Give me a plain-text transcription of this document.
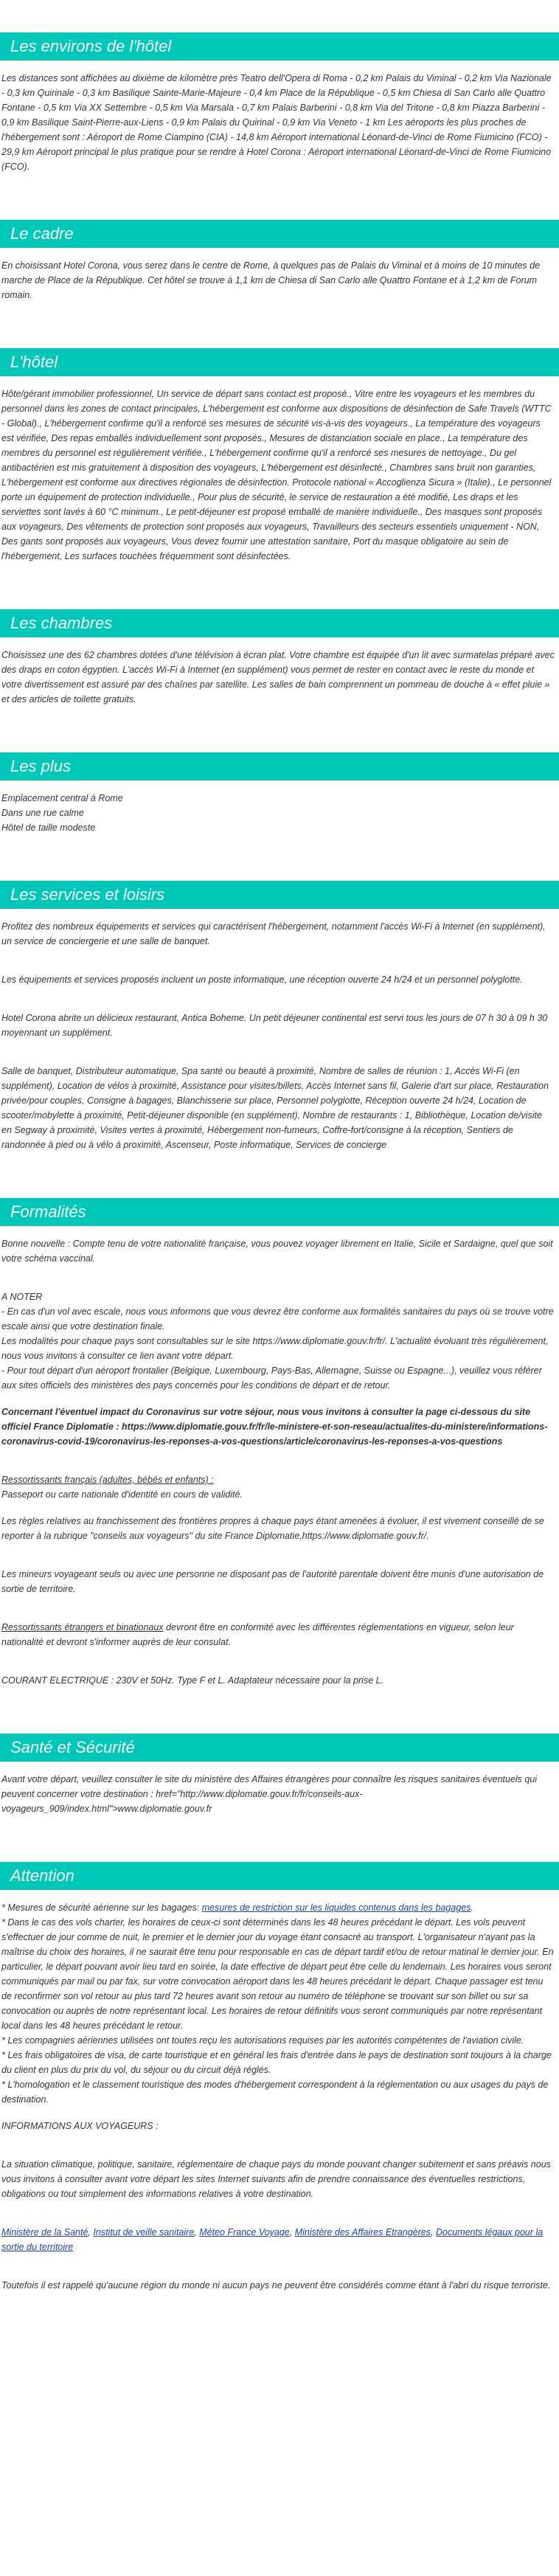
Les environs de l'hôtel

Les distances sont affichées au dixième de kilomètre près Teatro dell'Opera di Roma - 0,2 km Palais du Viminal - 0,2 km Via Nazionale - 0,3 km Quirinale - 0,3 km Basilique Sainte-Marie-Majeure - 0,4 km Place de la République - 0,5 km Chiesa di San Carlo alle Quattro Fontane - 0,5 km Via XX Settembre - 0,5 km Via Marsala - 0,7 km Palais Barberini - 0,8 km Via del Tritone - 0,8 km Piazza Barberini - 0,9 km Basilique Saint-Pierre-aux-Liens - 0,9 km Palais du Quirinal - 0,9 km Via Veneto - 1 km Les aéroports les plus proches de l'hébergement sont : Aéroport de Rome Ciampino (CIA) - 14,8 km Aéroport international Léonard-de-Vinci de Rome Fiumicino (FCO) - 29,9 km Aéroport principal le plus pratique pour se rendre à Hotel Corona : Aéroport international Léonard-de-Vinci de Rome Fiumicino (FCO).

Le cadre

En choisissant Hotel Corona, vous serez dans le centre de Rome, à quelques pas de Palais du Viminal et à moins de 10 minutes de marche de Place de la République. Cet hôtel se trouve à 1,1 km de Chiesa di San Carlo alle Quattro Fontane et à 1,2 km de Forum romain.

L'hôtel

Hôte/gérant immobilier professionnel, Un service de départ sans contact est proposé., Vitre entre les voyageurs et les membres du personnel dans les zones de contact principales, L'hébergement est conforme aux dispositions de désinfection de Safe Travels (WTTC - Global)., L'hébergement confirme qu'il a renforcé ses mesures de sécurité vis-à-vis des voyageurs., La température des voyageurs est vérifiée, Des repas emballés individuellement sont proposés., Mesures de distanciation sociale en place., La température des membres du personnel est régulièrement vérifiée., L'hébergement confirme qu'il a renforcé ses mesures de nettoyage., Du gel antibactérien est mis gratuitement à disposition des voyageurs, L'hébergement est désinfecté., Chambres sans bruit non garanties, L'hébergement est conforme aux directives régionales de désinfection. Protocole national « Accoglienza Sicura » (Italie)., Le personnel porte un équipement de protection individuelle., Pour plus de sécurité, le service de restauration a été modifié, Les draps et les serviettes sont lavés à 60 °C minimum., Le petit-déjeuner est proposé emballé de manière individuelle., Des masques sont proposés aux voyageurs, Des vêtements de protection sont proposés aux voyageurs, Travailleurs des secteurs essentiels uniquement - NON, Des gants sont proposés aux voyageurs, Vous devez fournir une attestation sanitaire, Port du masque obligatoire au sein de l'hébergement, Les surfaces touchées fréquemment sont désinfectées.

Les chambres

Choisissez une des 62 chambres dotées d'une télévision à écran plat. Votre chambre est équipée d'un lit avec surmatelas préparé avec des draps en coton égyptien. L'accès Wi-Fi à Internet (en supplément) vous permet de rester en contact avec le reste du monde et votre divertissement est assuré par des chaînes par satellite. Les salles de bain comprennent un pommeau de douche à « effet pluie » et des articles de toilette gratuits.

Les plus

Emplacement central à Rome

Dans une rue calme

Hôtel de taille modeste

Les services et loisirs

Profitez des nombreux équipements et services qui caractérisent l'hébergement, notamment l'accès Wi-Fi à Internet (en supplément), un service de conciergerie et une salle de banquet.

Les équipements et services proposés incluent un poste informatique, une réception ouverte 24 h/24 et un personnel polyglotte.

Hotel Corona abrite un délicieux restaurant, Antica Boheme. Un petit déjeuner continental est servi tous les jours de 07 h 30 à 09 h 30 moyennant un supplément.

Salle de banquet, Distributeur automatique, Spa santé ou beauté à proximité, Nombre de salles de réunion : 1, Accès Wi-Fi (en supplément), Location de vélos à proximité, Assistance pour visites/billets, Accès Internet sans fil, Galerie d'art sur place, Restauration privée/pour couples, Consigne à bagages, Blanchisserie sur place, Personnel polyglotte, Réception ouverte 24 h/24, Location de scooter/mobylette à proximité, Petit-déjeuner disponible (en supplément), Nombre de restaurants : 1, Bibliothèque, Location de/visite en Segway à proximité, Visites vertes à proximité, Hébergement non-fumeurs, Coffre-fort/consigne à la réception, Sentiers de randonnée à pied ou à vélo à proximité, Ascenseur, Poste informatique, Services de concierge

Formalités

Bonne nouvelle : Compte tenu de votre nationalité française, vous pouvez voyager librement en Italie, Sicile et Sardaigne, quel que soit votre schéma vaccinal.

A NOTER

- En cas d'un vol avec escale, nous vous informons que vous devrez être conforme aux formalités sanitaires du pays où se trouve votre escale ainsi que votre destination finale.

Les modalités pour chaque pays sont consultables sur le site https://www.diplomatie.gouv.fr/fr/. L'actualité évoluant très régulièrement, nous vous invitons à consulter ce lien avant votre départ.

- Pour tout départ d'un aéroport frontalier (Belgique, Luxembourg, Pays-Bas, Allemagne, Suisse ou Espagne...), veuillez vous référer aux sites officiels des ministères des pays concernés pour les conditions de départ et de retour.

Concernant l'éventuel impact du Coronavirus sur votre séjour, nous vous invitons à consulter la page ci-dessous du site officiel France Diplomatie : https://www.diplomatie.gouv.fr/fr/le-ministere-et-son-reseau/actualites-du-ministere/informations-coronavirus-covid-19/coronavirus-les-reponses-a-vos-questions/article/coronavirus-les-reponses-a-vos-questions

Ressortissants français (adultes, bébés et enfants) :

Passeport ou carte nationale d'identité en cours de validité.

Les règles relatives au franchissement des frontières propres à chaque pays étant amenées à évoluer, il est vivement conseillé de se reporter à la rubrique "conseils aux voyageurs" du site France Diplomatie,https://www.diplomatie.gouv.fr/.

Les mineurs voyageant seuls ou avec une personne ne disposant pas de l'autorité parentale doivent être munis d'une autorisation de sortie de territoire.

Ressortissants étrangers et binationaux devront être en conformité avec les différentes réglementations en vigueur, selon leur nationalité et devront s'informer auprès de leur consulat.

COURANT ELECTRIQUE : 230V et 50Hz. Type F et L. Adaptateur nécessaire pour la prise L.

Santé et Sécurité

Avant votre départ, veuillez consulter le site du ministère des Affaires étrangères pour connaître les risques sanitaires éventuels qui peuvent concerner votre destination : href="http://www.diplomatie.gouv.fr/fr/conseils-aux-voyageurs_909/index.html">www.diplomatie.gouv.fr

Attention

* Mesures de sécurité aérienne sur les bagages: mesures de restriction sur les liquides contenus dans les bagages.

* Dans le cas des vols charter, les horaires de ceux-ci sont déterminés dans les 48 heures précédant le départ. Les vols peuvent s'effectuer de jour comme de nuit, le premier et le dernier jour du voyage étant consacré au transport. L'organisateur n'ayant pas la maîtrise du choix des horaires, il ne saurait être tenu pour responsable en cas de départ tardif et/ou de retour matinal le dernier jour. En particulier, le départ pouvant avoir lieu tard en soirée, la date effective de départ peut être celle du lendemain. Les horaires vous seront communiqués par mail ou par fax, sur votre convocation aéroport dans les 48 heures précédant le départ. Chaque passager est tenu de reconfirmer son vol retour au plus tard 72 heures avant son retour au numéro de téléphone se trouvant sur son billet ou sur sa convocation ou auprès de notre représentant local. Les horaires de retour définitifs vous seront communiqués par notre représentant local dans les 48 heures précédant le retour.

* Les compagnies aériennes utilisées ont toutes reçu les autorisations requises par les autorités compétentes de l'aviation civile.

* Les frais obligatoires de visa, de carte touristique et en général les frais d'entrée dans le pays de destination sont toujours à la charge du client en plus du prix du vol, du séjour ou du circuit déjà réglés.

* L'homologation et le classement touristique des modes d'hébergement correspondent à la réglementation ou aux usages du pays de destination.

INFORMATIONS AUX VOYAGEURS :

La situation climatique, politique, sanitaire, réglementaire de chaque pays du monde pouvant changer subitement et sans préavis nous vous invitons à consulter avant votre départ les sites Internet suivants afin de prendre connaissance des éventuelles restrictions, obligations ou tout simplement des informations relatives à votre destination.

Ministère de la Santé, Institut de veille sanitaire, Méteo France Voyage, Ministère des Affaires Etrangères, Documents légaux pour la sortie du territoire

Toutefois il est rappelé qu'aucune région du monde ni aucun pays ne peuvent être considérés comme étant à l'abri du risque terroriste.
